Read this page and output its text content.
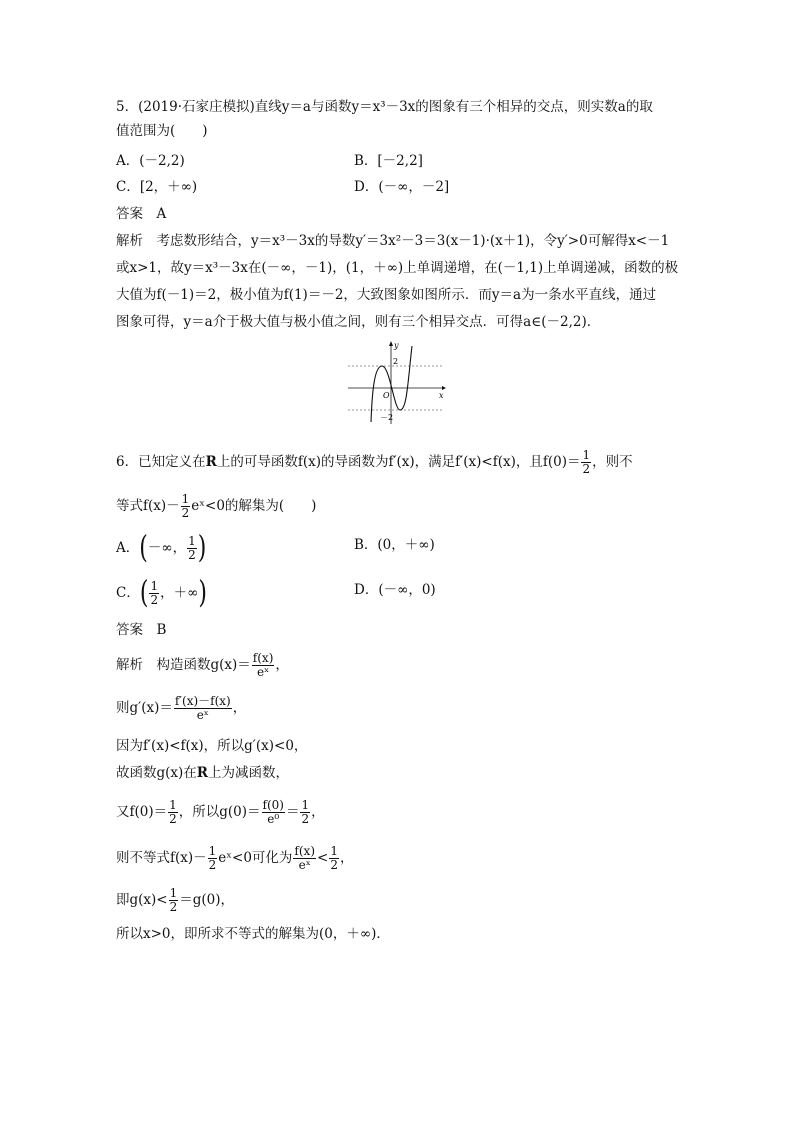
5．(2019·石家庄模拟)直线y＝a与函数y＝x³－3x的图象有三个相异的交点，则实数a的取
值范围为(　　)
A．(－2,2)	B．[－2,2]
C．[2，＋∞)	D．(－∞，－2]
答案　A
解析　考虑数形结合，y＝x³－3x的导数y′＝3x²－3＝3(x－1)·(x＋1)，令y′>0可解得x<－1
或x>1，故y＝x³－3x在(－∞，－1)，(1，＋∞)上单调递增，在(－1,1)上单调递减，函数的极
大值为f(－1)＝2，极小值为f(1)＝－2，大致图象如图所示．而y＝a为一条水平直线，通过
图象可得，y＝a介于极大值与极小值之间，则有三个相异交点．可得a∈(－2,2)．
y
x
O
2
－2
6．已知定义在R上的可导函数f(x)的导函数为f′(x)，满足f′(x)<f(x)，且$f(0)= \frac{1}{2}$ ，则不
等式$f(x)- \frac{1}{2}$ eˣ<0的解集为(　　)
A．(－∞， $\frac{1}{2}$ )	B．(0，＋∞)
C．( $\frac{1}{2}$ ，＋∞)	D．(－∞，0)
答案　B
解析　构造函数$g(x)= \frac{f(x)}{\text{eˣ}}$ ，
则$g'(x)= \frac{f'(x)-f(x)}{\text{eˣ}}$ ，
因为f′(x)<f(x)，所以g′(x)<0，
故函数g(x)在R上为减函数，
又$f(0)= \frac{1}{2}$ ，所以$g(0)= \frac{f(0)}{\text{e⁰}} = \frac{1}{2}$ ，
则不等式$f(x)- \frac{1}{2}$ eˣ<0可化为 $\frac{f(x)}{\text{eˣ}} < \frac{1}{2}$ ，
即$g(x)< \frac{1}{2} =g(0)$，
所以x>0，即所求不等式的解集为(0，＋∞)．
